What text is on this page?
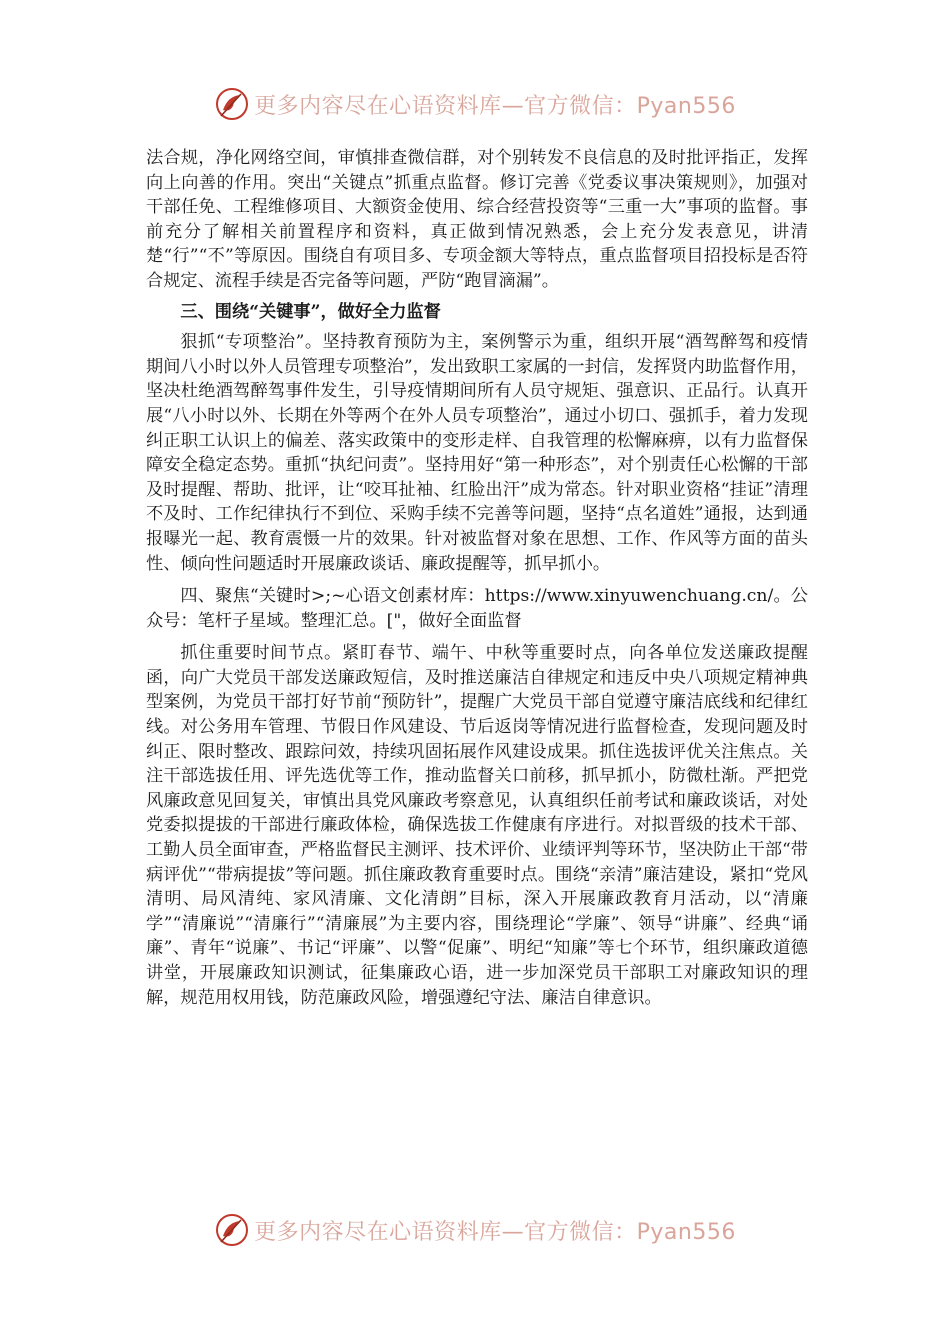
更多内容尽在心语资料库—官方微信：Pyan556

法合规，净化网络空间，审慎排查微信群，对个别转发不良信息的及时批评指正，发挥向上向善的作用。突出“关键点”抓重点监督。修订完善《党委议事决策规则》，加强对干部任免、工程维修项目、大额资金使用、综合经营投资等“三重一大”事项的监督。事前充分了解相关前置程序和资料，真正做到情况熟悉，会上充分发表意见，讲清楚“行”“不”等原因。围绕自有项目多、专项金额大等特点，重点监督项目招投标是否符合规定、流程手续是否完备等问题，严防“跑冒滴漏”。

三、围绕“关键事”，做好全力监督

狠抓“专项整治”。坚持教育预防为主，案例警示为重，组织开展“酒驾醉驾和疫情期间八小时以外人员管理专项整治”，发出致职工家属的一封信，发挥贤内助监督作用，坚决杜绝酒驾醉驾事件发生，引导疫情期间所有人员守规矩、强意识、正品行。认真开展“八小时以外、长期在外等两个在外人员专项整治”，通过小切口、强抓手，着力发现纠正职工认识上的偏差、落实政策中的变形走样、自我管理的松懈麻痹，以有力监督保障安全稳定态势。重抓“执纪问责”。坚持用好“第一种形态”，对个别责任心松懈的干部及时提醒、帮助、批评，让“咬耳扯袖、红脸出汗”成为常态。针对职业资格“挂证”清理不及时、工作纪律执行不到位、采购手续不完善等问题，坚持“点名道姓”通报，达到通报曝光一起、教育震慑一片的效果。针对被监督对象在思想、工作、作风等方面的苗头性、倾向性问题适时开展廉政谈话、廉政提醒等，抓早抓小。

四、聚焦“关键时>;~心语文创素材库：https://www.xinyuwenchuang.cn/。公众号：笔杆子星域。整理汇总。["，做好全面监督

抓住重要时间节点。紧盯春节、端午、中秋等重要时点，向各单位发送廉政提醒函，向广大党员干部发送廉政短信，及时推送廉洁自律规定和违反中央八项规定精神典型案例，为党员干部打好节前“预防针”，提醒广大党员干部自觉遵守廉洁底线和纪律红线。对公务用车管理、节假日作风建设、节后返岗等情况进行监督检查，发现问题及时纠正、限时整改、跟踪问效，持续巩固拓展作风建设成果。抓住选拔评优关注焦点。关注干部选拔任用、评先选优等工作，推动监督关口前移，抓早抓小，防微杜渐。严把党风廉政意见回复关，审慎出具党风廉政考察意见，认真组织任前考试和廉政谈话，对处党委拟提拔的干部进行廉政体检，确保选拔工作健康有序进行。对拟晋级的技术干部、工勤人员全面审查，严格监督民主测评、技术评价、业绩评判等环节，坚决防止干部“带病评优”“带病提拔”等问题。抓住廉政教育重要时点。围绕“亲清”廉洁建设，紧扣“党风清明、局风清纯、家风清廉、文化清朗”目标，深入开展廉政教育月活动，以“清廉学”“清廉说”“清廉行”“清廉展”为主要内容，围绕理论“学廉”、领导“讲廉”、经典“诵廉”、青年“说廉”、书记“评廉”、以警“促廉”、明纪“知廉”等七个环节，组织廉政道德讲堂，开展廉政知识测试，征集廉政心语，进一步加深党员干部职工对廉政知识的理解，规范用权用钱，防范廉政风险，增强遵纪守法、廉洁自律意识。

更多内容尽在心语资料库—官方微信：Pyan556
